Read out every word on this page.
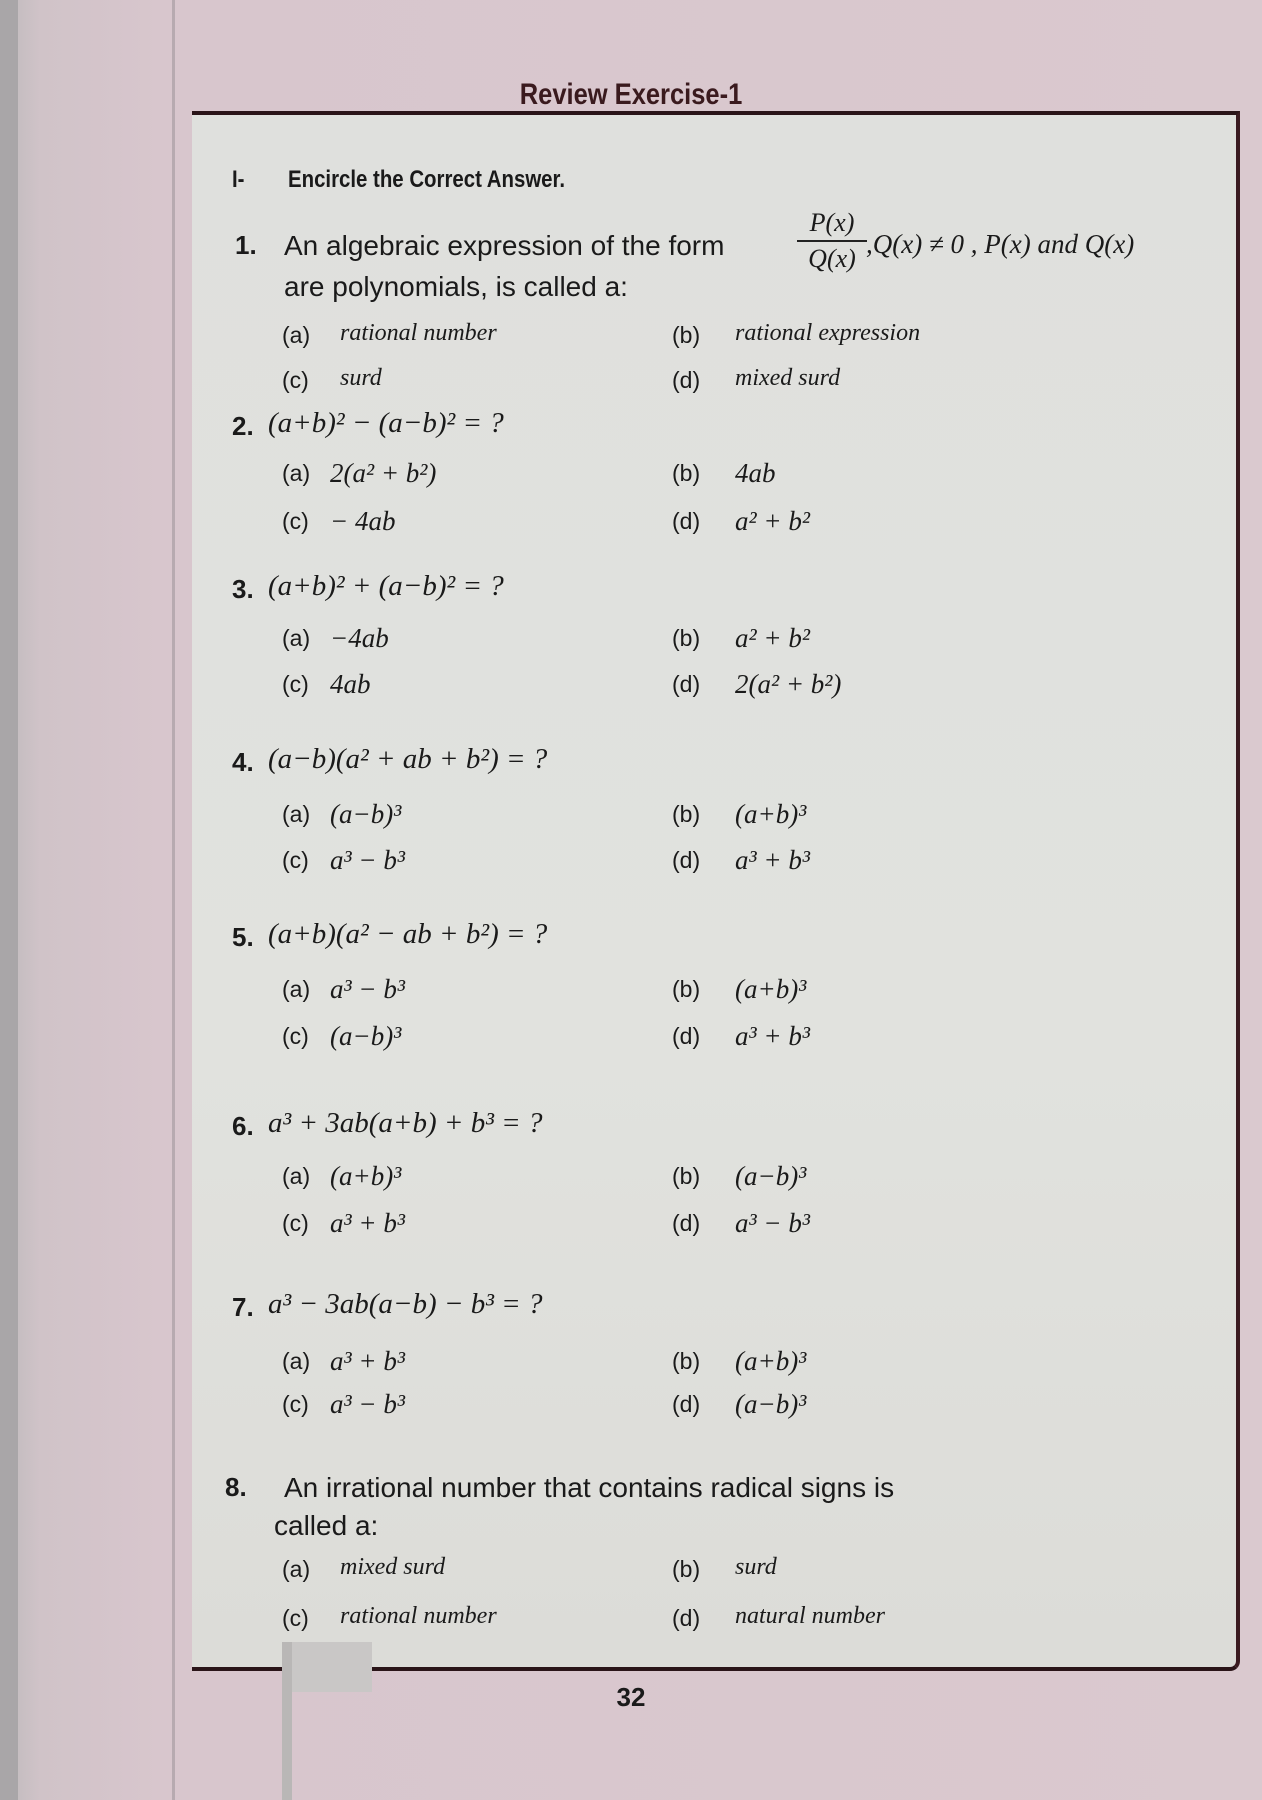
Review Exercise-1
I- Encircle the Correct Answer.
1. An algebraic expression of the form
P(x)
Q(x) ,Q(x) ≠ 0 , P(x) and Q(x)
are polynomials, is called a:
(a) rational number	(b) rational expression
(c) surd	(d) mixed surd
2. (a+b)² − (a−b)² = ?
(a) 2(a² + b²)	(b) 4ab
(c) − 4ab	(d) a² + b²
3. (a+b)² + (a−b)² = ?
(a) −4ab	(b) a² + b²
(c) 4ab	(d) 2(a² + b²)
4. (a−b)(a² + ab + b²) = ?
(a) (a−b)³	(b) (a+b)³
(c) a³ − b³	(d) a³ + b³
5. (a+b)(a² − ab + b²) = ?
(a) a³ − b³	(b) (a+b)³
(c) (a−b)³	(d) a³ + b³
6. a³ + 3ab(a+b) + b³ = ?
(a) (a+b)³	(b) (a−b)³
(c) a³ + b³	(d) a³ − b³
7. a³ − 3ab(a−b) − b³ = ?
(a) a³ + b³	(b) (a+b)³
(c) a³ − b³	(d) (a−b)³
8.
(a) mixed surd	(b) surd
(c) rational number	(d) natural number
An irrational number that contains radical signs is
called a:
32
